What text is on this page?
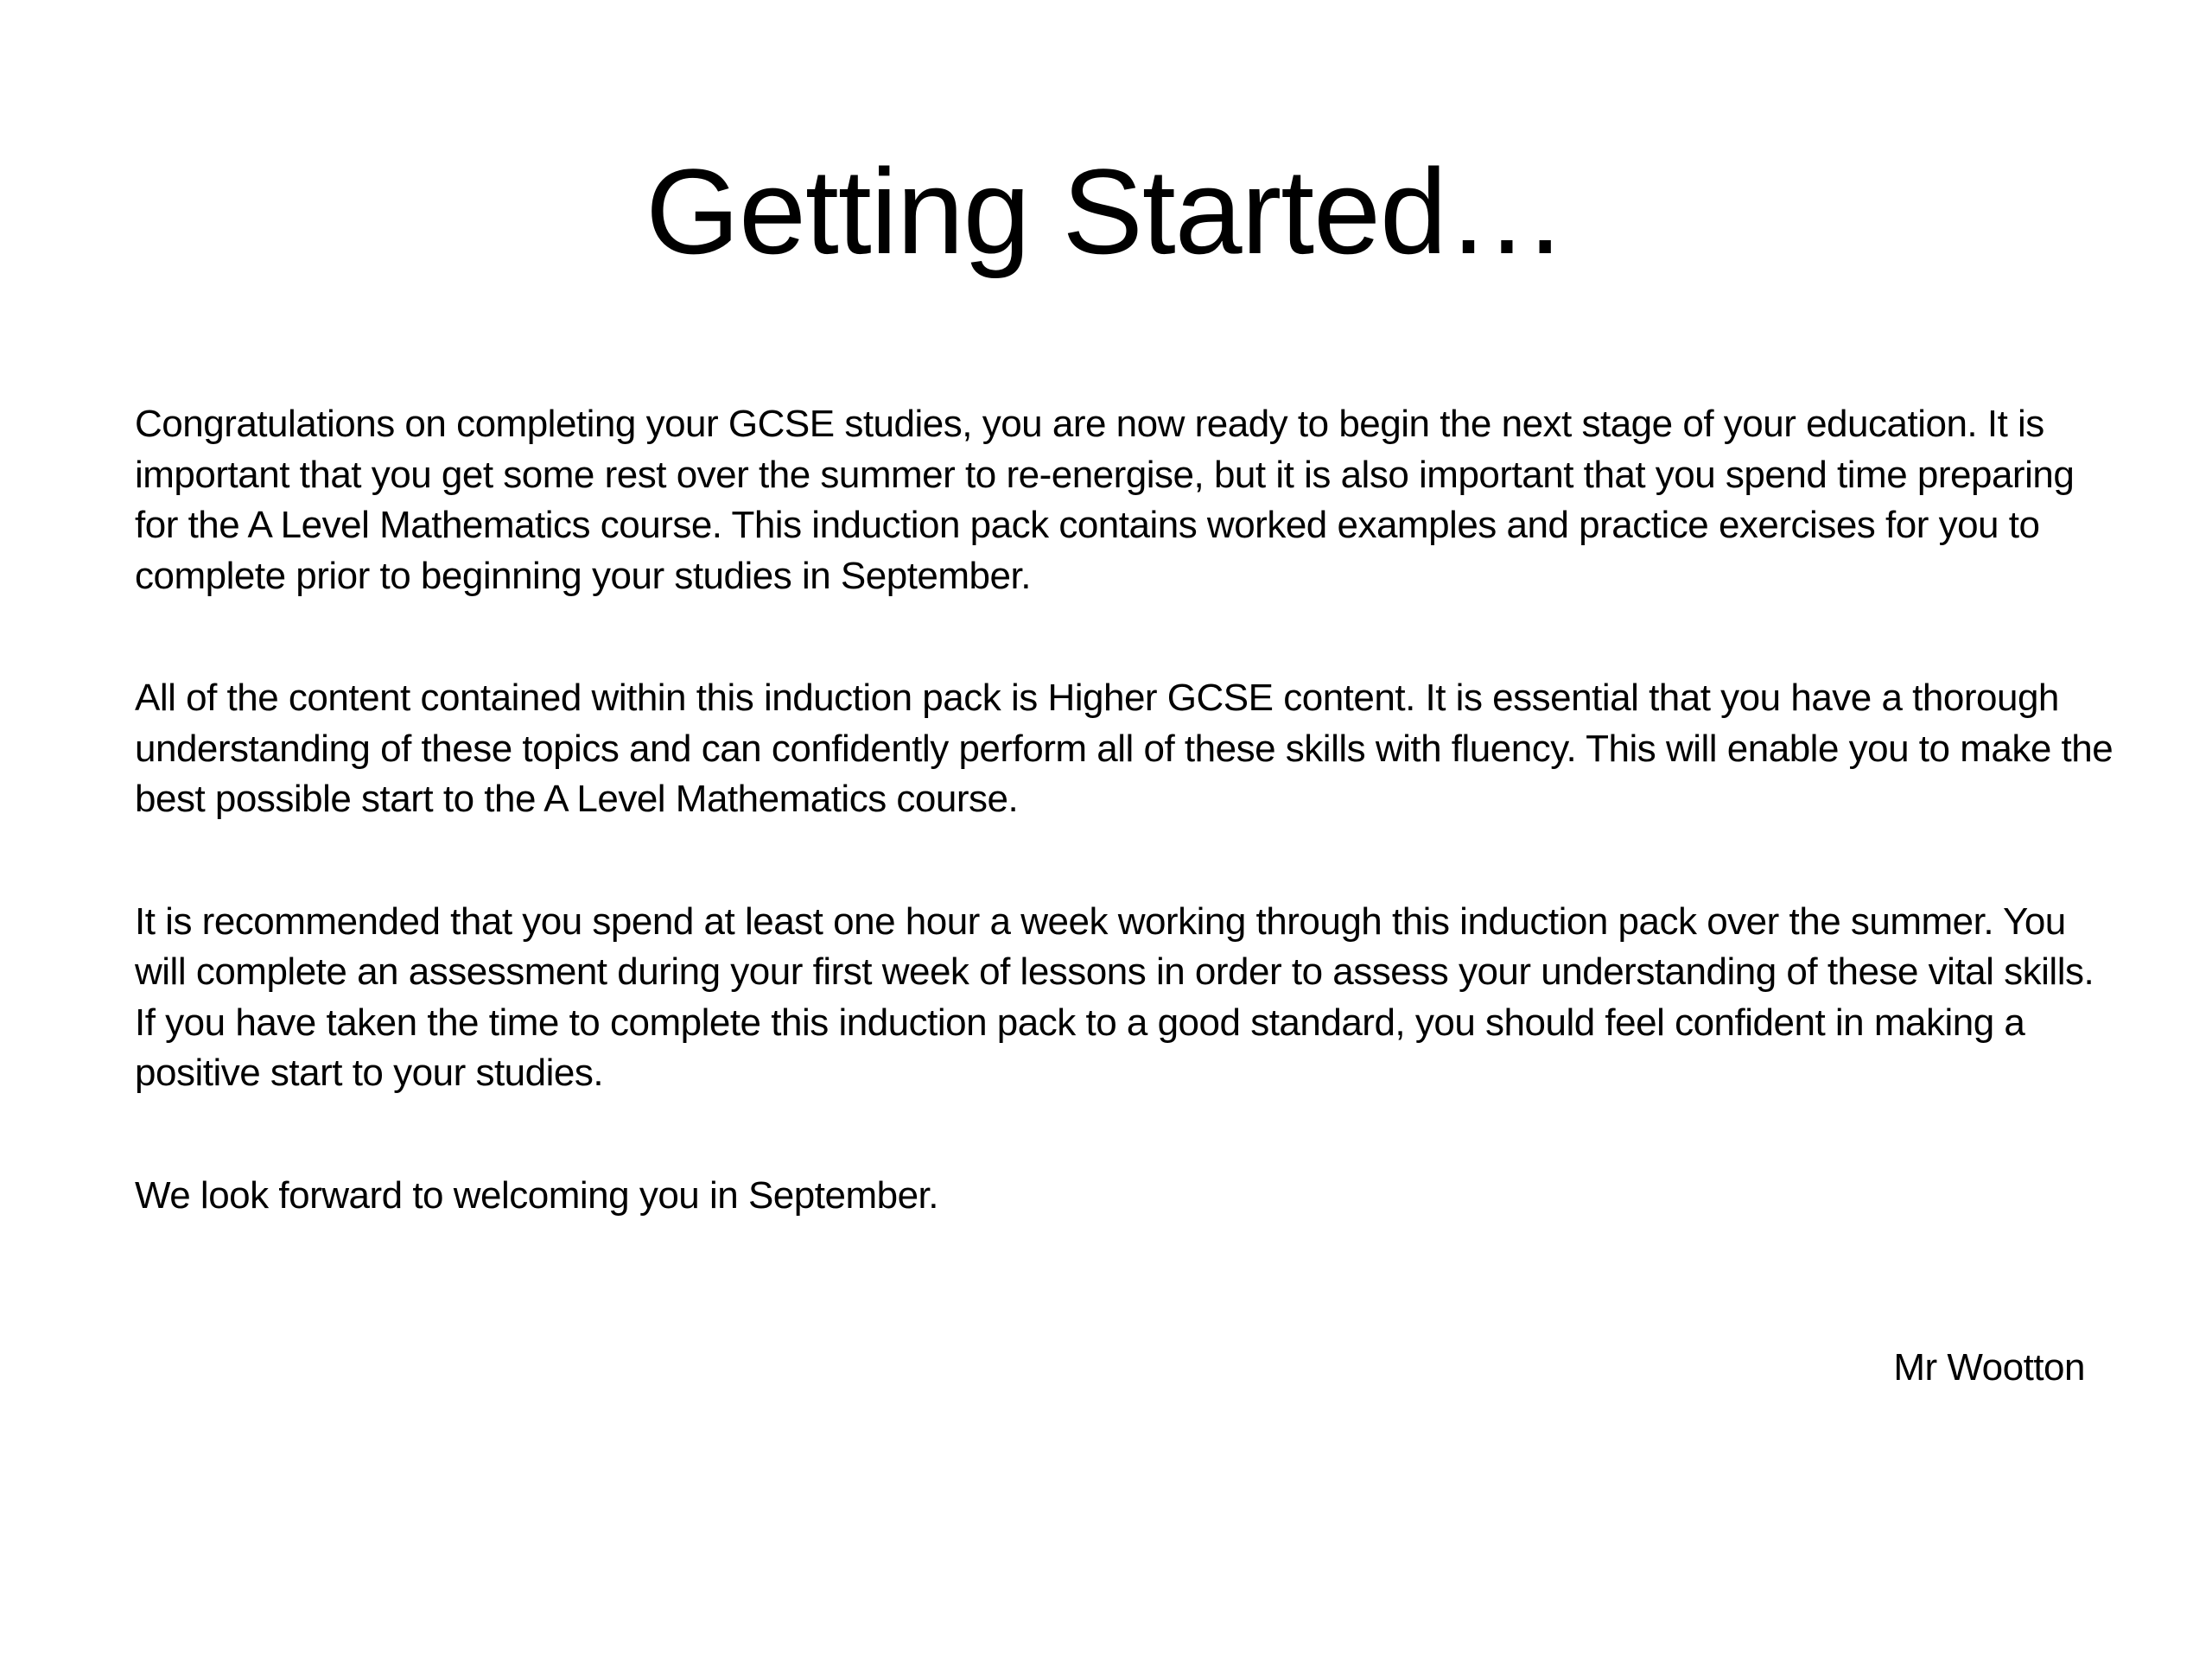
Getting Started…

Congratulations on completing your GCSE studies, you are now ready to begin the next stage of your education. It is important that you get some rest over the summer to re-energise, but it is also important that you spend time preparing for the A Level Mathematics course. This induction pack contains worked examples and practice exercises for you to complete prior to beginning your studies in September.

All of the content contained within this induction pack is Higher GCSE content. It is essential that you have a thorough understanding of these topics and can confidently perform all of these skills with fluency. This will enable you to make the best possible start to the A Level Mathematics course.

It is recommended that you spend at least one hour a week working through this induction pack over the summer. You will complete an assessment during your first week of lessons in order to assess your understanding of these vital skills. If you have taken the time to complete this induction pack to a good standard, you should feel confident in making a positive start to your studies.

We look forward to welcoming you in September.

Mr Wootton
